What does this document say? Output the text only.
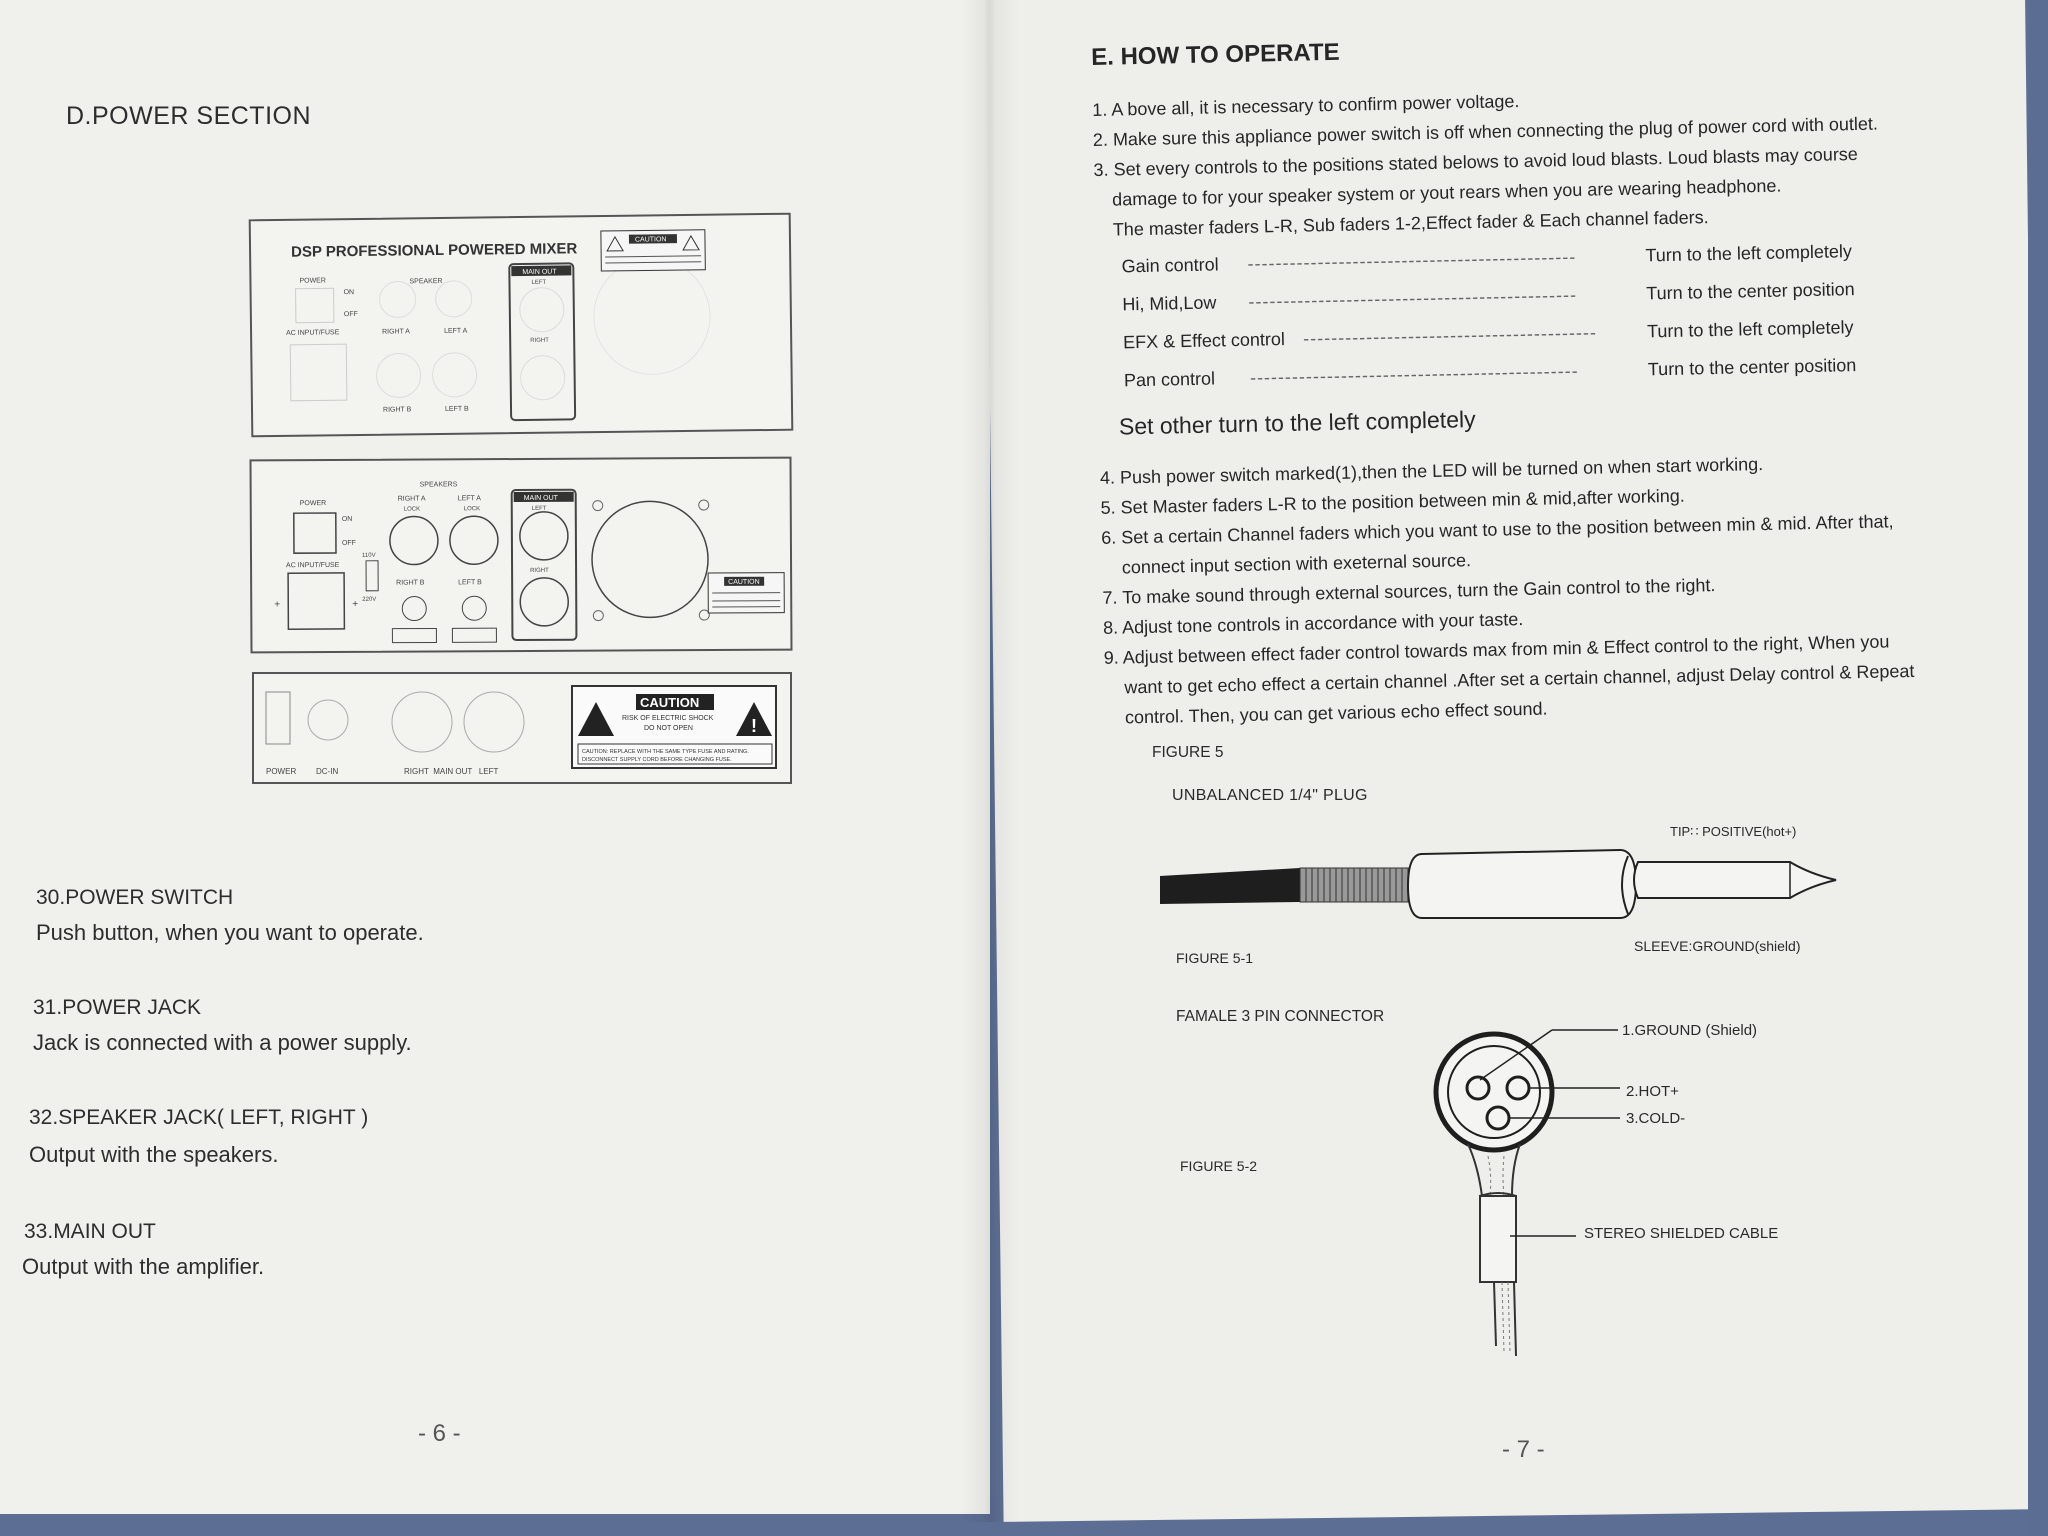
D.POWER SECTION
DSP PROFESSIONAL POWERED MIXER
POWER
ON
OFF
AC INPUT/FUSE
SPEAKER
RIGHT A	LEFT A
RIGHT B	LEFT B
MAIN OUT
LEFT
RIGHT
CAUTION
SPEAKERS
POWER
ON
OFF
AC INPUT/FUSE
+	+
110V
220V
RIGHT A	LEFT A
LOCK	LOCK
RIGHT B	LEFT B
MAIN OUT
LEFT
RIGHT
CAUTION
POWER DC-IN	RIGHT  MAIN OUT   LEFT
!
CAUTION
RISK OF ELECTRIC SHOCK
DO NOT OPEN
CAUTION: REPLACE WITH THE SAME TYPE FUSE AND RATING.
DISCONNECT SUPPLY CORD BEFORE CHANGING FUSE.
30.POWER SWITCH
Push button, when you want to operate.
31.POWER JACK
Jack is connected with a power supply.
32.SPEAKER JACK( LEFT, RIGHT )
Output with the speakers.
33.MAIN OUT
Output with the amplifier.
- 6 -
E. HOW TO OPERATE
1. A bove all, it is necessary to confirm power voltage.
2. Make sure this appliance power switch is off when connecting the plug of power cord with outlet.
3. Set every controls to the positions stated belows to avoid loud blasts. Loud blasts may course
damage to for your speaker system or yout rears when you are wearing headphone.
The master faders L-R, Sub faders 1-2,Effect fader & Each channel faders.
Gain control -----------------------------------------------	Turn to the left completely
Hi, Mid,Low -----------------------------------------------	Turn to the center position
EFX & Effect control ------------------------------------------	Turn to the left completely
Pan control -----------------------------------------------	Turn to the center position
Set other turn to the left completely
4. Push power switch marked(1),then the LED will be turned on when start working.
5. Set Master faders L-R to the position between min & mid,after working.
6. Set a certain Channel faders which you want to use to the position between min & mid. After that,
connect input section with exeternal source.
7. To make sound through external sources, turn the Gain control to the right.
8. Adjust tone controls in accordance with your taste.
9. Adjust between effect fader control towards max from min & Effect control to the right, When you
want to get echo effect a certain channel .After set a certain channel, adjust Delay control & Repeat
control. Then, you can get various echo effect sound.
FIGURE 5
UNBALANCED 1/4" PLUG
TIP∷ POSITIVE(hot+)
SLEEVE:GROUND(shield)
FIGURE 5-1
FAMALE 3 PIN CONNECTOR
FIGURE 5-2
1.GROUND (Shield)
2.HOT+
3.COLD-
STEREO SHIELDED CABLE
- 7 -
